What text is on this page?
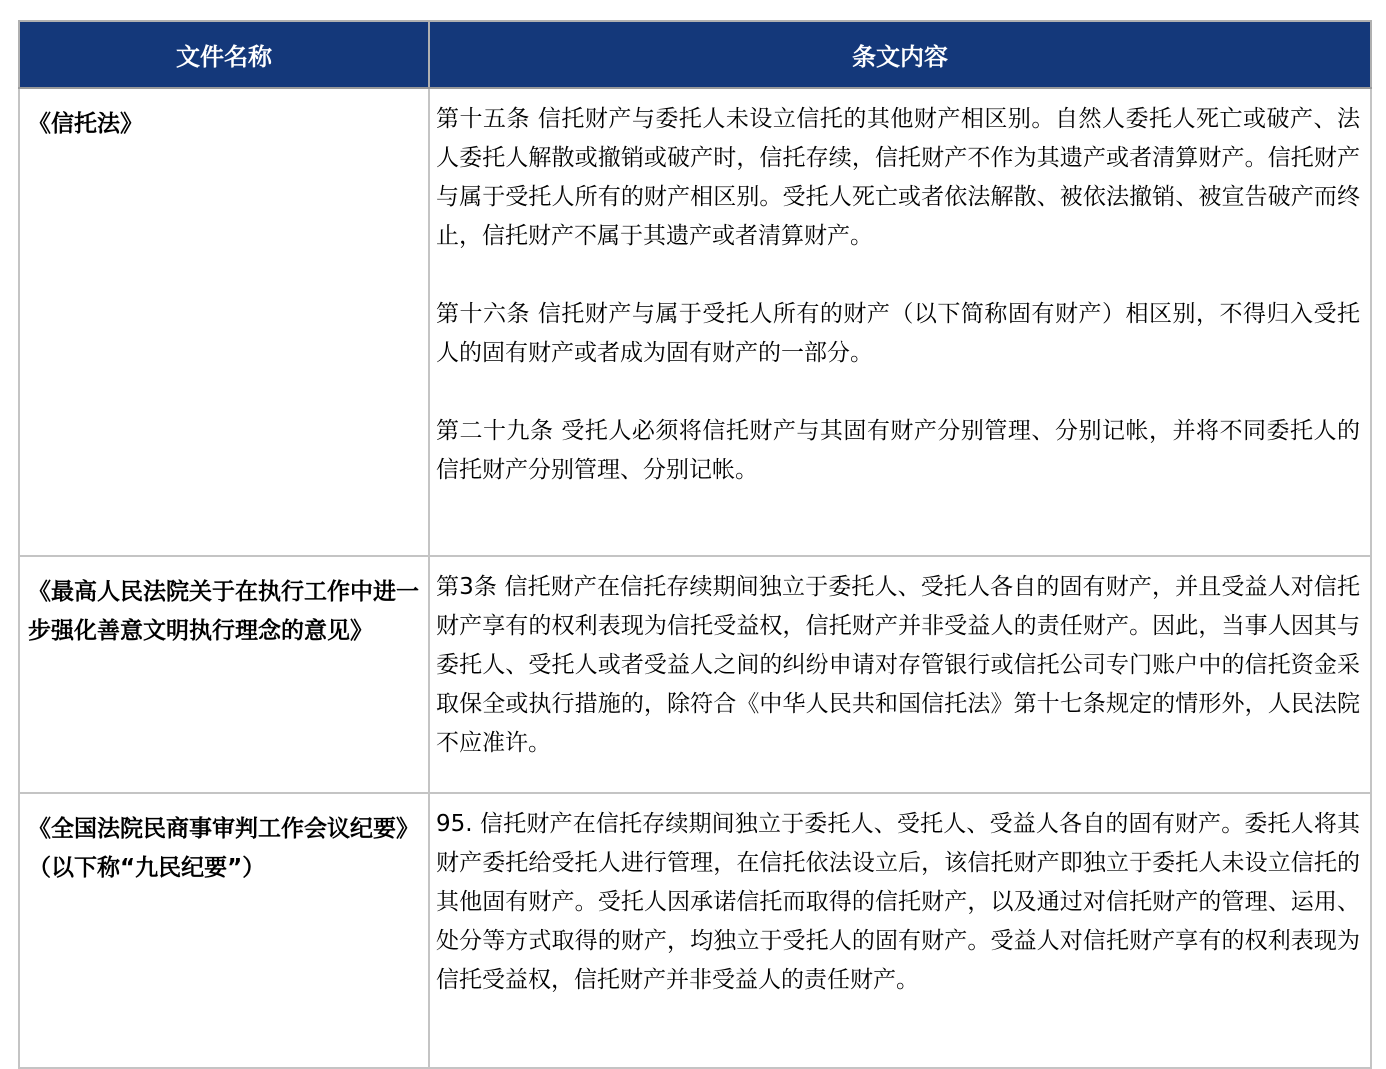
文件名称	条文内容
《信托法》	第十五条 信托财产与委托人未设立信托的其他财产相区别。自然人委托人死亡或破产、法人委托人解散或撤销或破产时，信托存续，信托财产不作为其遗产或者清算财产。信托财产与属于受托人所有的财产相区别。受托人死亡或者依法解散、被依法撤销、被宣告破产而终止，信托财产不属于其遗产或者清算财产。
第十六条 信托财产与属于受托人所有的财产（以下简称固有财产）相区别，不得归入受托人的固有财产或者成为固有财产的一部分。
第二十九条 受托人必须将信托财产与其固有财产分别管理、分别记帐，并将不同委托人的信托财产分别管理、分别记帐。

《最高人民法院关于在执行工作中进一步强化善意文明执行理念的意见》	第3条 信托财产在信托存续期间独立于委托人、受托人各自的固有财产，并且受益人对信托财产享有的权利表现为信托受益权，信托财产并非受益人的责任财产。因此，当事人因其与委托人、受托人或者受益人之间的纠纷申请对存管银行或信托公司专门账户中的信托资金采取保全或执行措施的，除符合《中华人民共和国信托法》第十七条规定的情形外，人民法院不应准许。

《全国法院民商事审判工作会议纪要》（以下称“九民纪要”）	95. 信托财产在信托存续期间独立于委托人、受托人、受益人各自的固有财产。委托人将其财产委托给受托人进行管理，在信托依法设立后，该信托财产即独立于委托人未设立信托的其他固有财产。受托人因承诺信托而取得的信托财产，以及通过对信托财产的管理、运用、处分等方式取得的财产，均独立于受托人的固有财产。受益人对信托财产享有的权利表现为信托受益权，信托财产并非受益人的责任财产。
